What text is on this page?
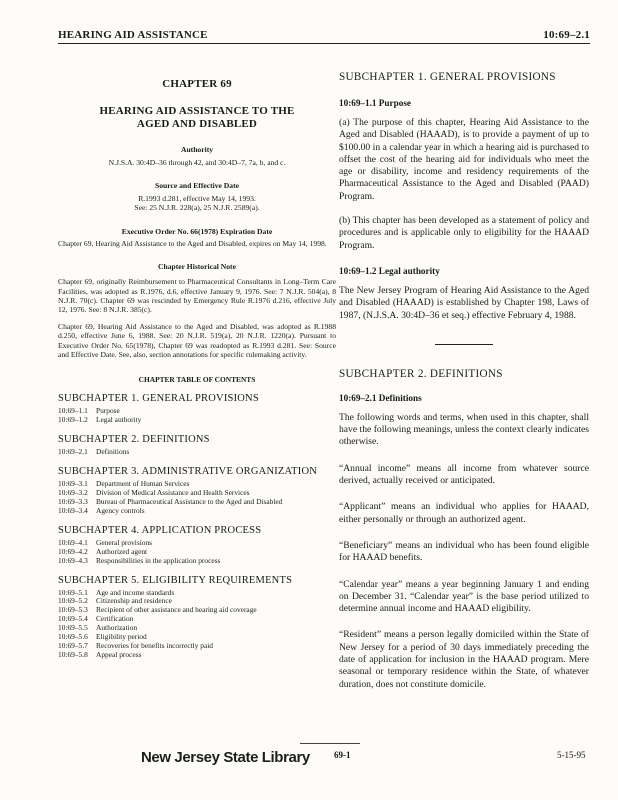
HEARING AID ASSISTANCE	10:69–2.1
CHAPTER 69
HEARING AID ASSISTANCE TO THE
AGED AND DISABLED
Authority
N.J.S.A. 30:4D–36 through 42, and 30:4D–7, 7a, b, and c.
Source and Effective Date
R.1993 d.281, effective May 14, 1993.
See: 25 N.J.R. 228(a), 25 N.J.R. 2589(a).
Executive Order No. 66(1978) Expiration Date
Chapter 69, Hearing Aid Assistance to the Aged and Disabled, expires on May 14, 1998.
Chapter Historical Note
Chapter 69, originally Reimbursement to Pharmaceutical Consultants in Long–Term Care Facilities, was adopted as R.1976, d.6, effective January 9, 1976. See: 7 N.J.R. 504(a), 8 N.J.R. 70(c). Chapter 69 was rescinded by Emergency Rule R.1976 d.216, effective July 12, 1976. See: 8 N.J.R. 385(c).
Chapter 69, Hearing Aid Assistance to the Aged and Disabled, was adopted as R.1988 d.250, effective June 6, 1988. See: 20 N.J.R. 519(a), 20 N.J.R. 1220(a). Pursuant to Executive Order No. 65(1978), Chapter 69 was readopted as R.1993 d.281. See: Source and Effective Date. See, also, section annotations for specific rulemaking activity.
CHAPTER TABLE OF CONTENTS
SUBCHAPTER 1. GENERAL PROVISIONS
10:69–1.1	Purpose
10:69–1.2	Legal authority
SUBCHAPTER 2. DEFINITIONS
10:69–2.1	Definitions
SUBCHAPTER 3. ADMINISTRATIVE ORGANIZATION
10:69–3.1	Department of Human Services
10:69–3.2	Division of Medical Assistance and Health Services
10:69–3.3	Bureau of Pharmaceutical Assistance to the Aged and Disabled
10:69–3.4	Agency controls
SUBCHAPTER 4. APPLICATION PROCESS
10:69–4.1	General provisions
10:69–4.2	Authorized agent
10:69–4.3	Responsibilities in the application process
SUBCHAPTER 5. ELIGIBILITY REQUIREMENTS
10:69–5.1	Age and income standards
10:69–5.2	Citizenship and residence
10:69–5.3	Recipient of other assistance and hearing aid coverage
10:69–5.4	Certification
10:69–5.5	Authorization
10:69–5.6	Eligibility period
10:69–5.7	Recoveries for benefits incorrectly paid
10:69–5.8	Appeal process
SUBCHAPTER 1. GENERAL PROVISIONS
10:69–1.1 Purpose
(a) The purpose of this chapter, Hearing Aid Assistance to the Aged and Disabled (HAAAD), is to provide a payment of up to $100.00 in a calendar year in which a hearing aid is purchased to offset the cost of the hearing aid for individuals who meet the age or disability, income and residency requirements of the Pharmaceutical Assistance to the Aged and Disabled (PAAD) Program.
(b) This chapter has been developed as a statement of policy and procedures and is applicable only to eligibility for the HAAAD Program.
10:69–1.2 Legal authority
The New Jersey Program of Hearing Aid Assistance to the Aged and Disabled (HAAAD) is established by Chapter 198, Laws of 1987, (N.J.S.A. 30:4D–36 et seq.) effective February 4, 1988.
SUBCHAPTER 2. DEFINITIONS
10:69–2.1 Definitions
The following words and terms, when used in this chapter, shall have the following meanings, unless the context clearly indicates otherwise.
“Annual income” means all income from whatever source derived, actually received or anticipated.
“Applicant” means an individual who applies for HAAAD, either personally or through an authorized agent.
“Beneficiary” means an individual who has been found eligible for HAAAD benefits.
“Calendar year” means a year beginning January 1 and ending on December 31. “Calendar year” is the base period utilized to determine annual income and HAAAD eligibility.
“Resident” means a person legally domiciled within the State of New Jersey for a period of 30 days immediately preceding the date of application for inclusion in the HAAAD program. Mere seasonal or temporary residence within the State, of whatever duration, does not constitute domicile.
New Jersey State Library	69-1	5-15-95
